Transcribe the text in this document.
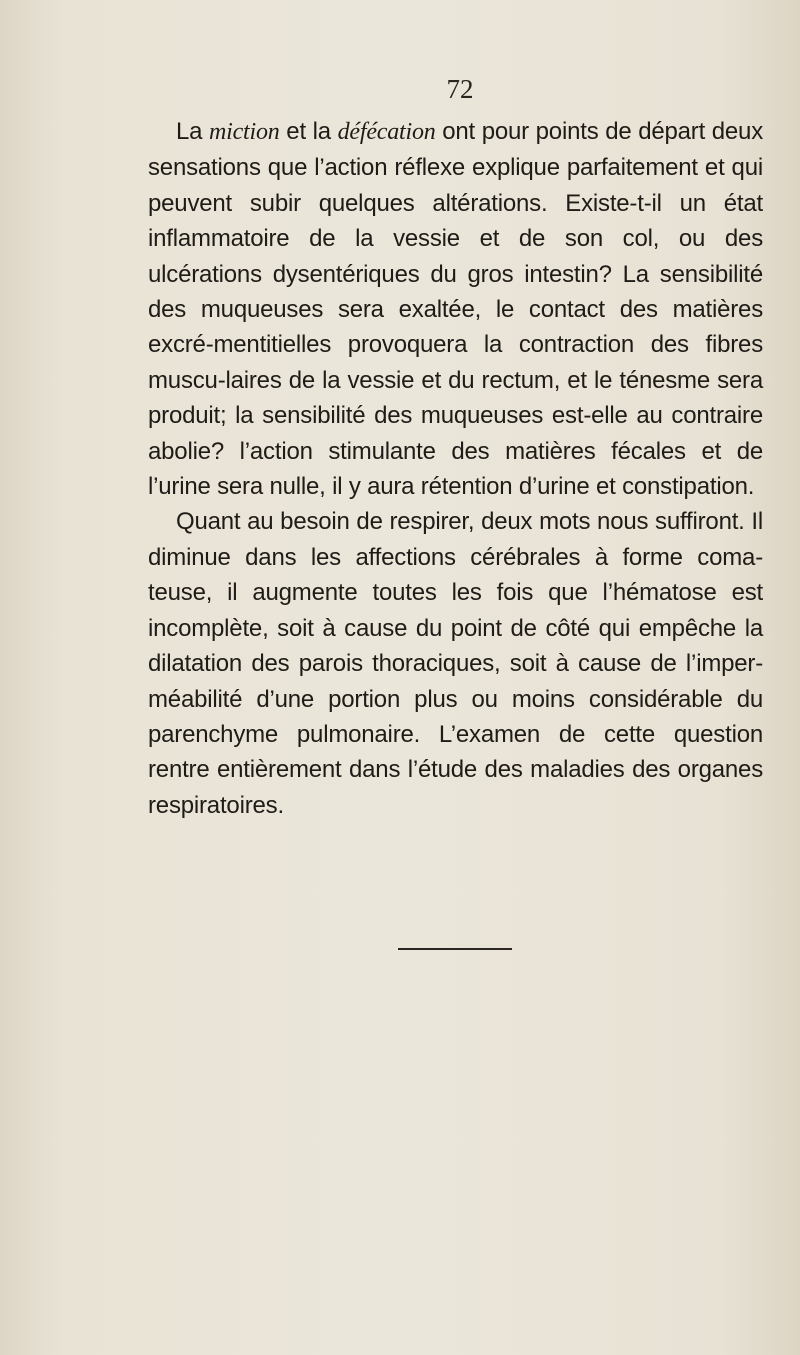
72

La miction et la défécation ont pour points de départ deux sensations que l’action réflexe explique parfaitement et qui peuvent subir quelques altérations. Existe-t-il un état inflammatoire de la vessie et de son col, ou des ulcérations dysentériques du gros intestin? La sensibilité des muqueuses sera exaltée, le contact des matières excré-mentitielles provoquera la contraction des fibres muscu-laires de la vessie et du rectum, et le ténesme sera produit; la sensibilité des muqueuses est-elle au contraire abolie? l’action stimulante des matières fécales et de l’urine sera nulle, il y aura rétention d’urine et constipation.

Quant au besoin de respirer, deux mots nous suffiront. Il diminue dans les affections cérébrales à forme coma-teuse, il augmente toutes les fois que l’hématose est incomplète, soit à cause du point de côté qui empêche la dilatation des parois thoraciques, soit à cause de l’imper-méabilité d’une portion plus ou moins considérable du parenchyme pulmonaire. L’examen de cette question rentre entièrement dans l’étude des maladies des organes respiratoires.
